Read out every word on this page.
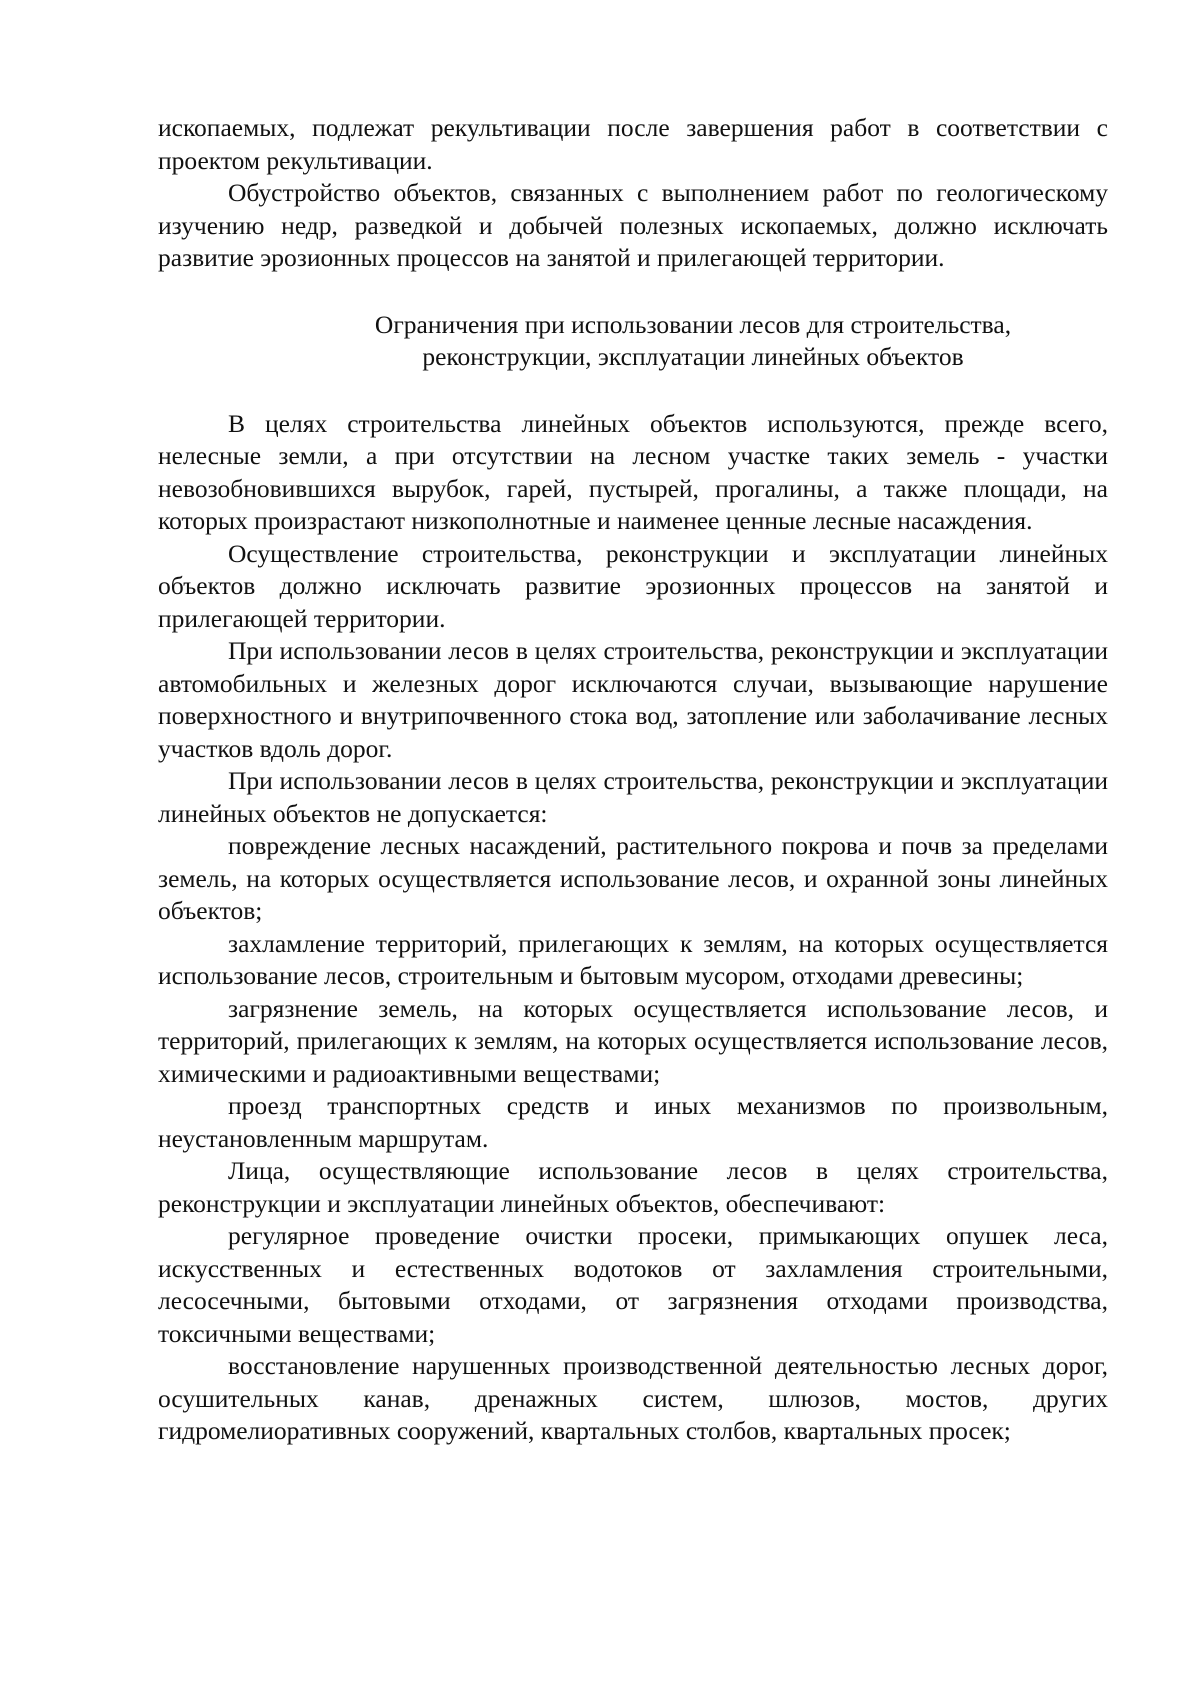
ископаемых, подлежат рекультивации после завершения работ в соответствии с проектом рекультивации.

Обустройство объектов, связанных с выполнением работ по геологическому изучению недр, разведкой и добычей полезных ископаемых, должно исключать развитие эрозионных процессов на занятой и прилегающей территории.

Ограничения при использовании лесов для строительства,
реконструкции, эксплуатации линейных объектов

В целях строительства линейных объектов используются, прежде всего, нелесные земли, а при отсутствии на лесном участке таких земель - участки невозобновившихся вырубок, гарей, пустырей, прогалины, а также площади, на которых произрастают низкополнотные и наименее ценные лесные насаждения.

Осуществление строительства, реконструкции и эксплуатации линейных объектов должно исключать развитие эрозионных процессов на занятой и прилегающей территории.

При использовании лесов в целях строительства, реконструкции и эксплуатации автомобильных и железных дорог исключаются случаи, вызывающие нарушение поверхностного и внутрипочвенного стока вод, затопление или заболачивание лесных участков вдоль дорог.

При использовании лесов в целях строительства, реконструкции и эксплуатации линейных объектов не допускается:

повреждение лесных насаждений, растительного покрова и почв за пределами земель, на которых осуществляется использование лесов, и охранной зоны линейных объектов;

захламление территорий, прилегающих к землям, на которых осуществляется использование лесов, строительным и бытовым мусором, отходами древесины;

загрязнение земель, на которых осуществляется использование лесов, и территорий, прилегающих к землям, на которых осуществляется использование лесов, химическими и радиоактивными веществами;

проезд транспортных средств и иных механизмов по произвольным, неустановленным маршрутам.

Лица, осуществляющие использование лесов в целях строительства, реконструкции и эксплуатации линейных объектов, обеспечивают:

регулярное проведение очистки просеки, примыкающих опушек леса, искусственных и естественных водотоков от захламления строительными, лесосечными, бытовыми отходами, от загрязнения отходами производства, токсичными веществами;

восстановление нарушенных производственной деятельностью лесных дорог, осушительных канав, дренажных систем, шлюзов, мостов, других гидромелиоративных сооружений, квартальных столбов, квартальных просек;
